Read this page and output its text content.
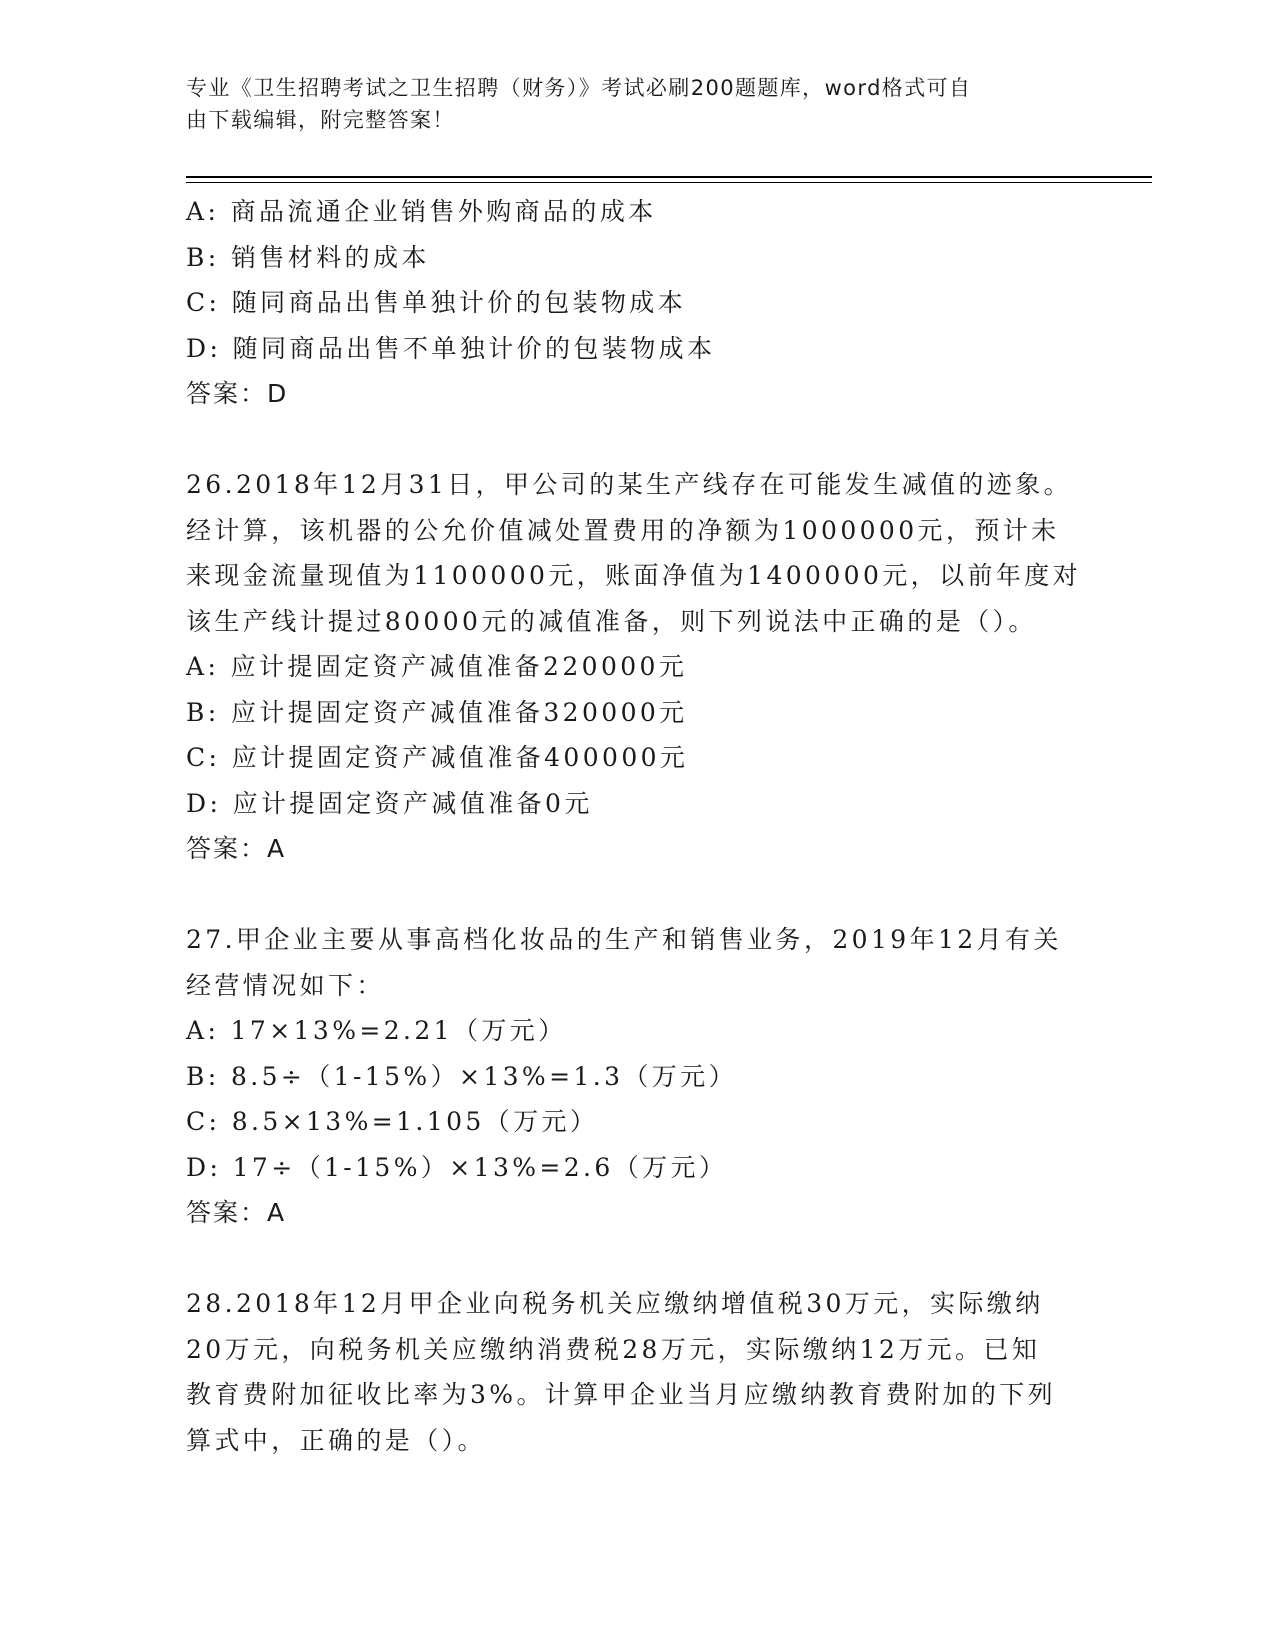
专业《卫生招聘考试之卫生招聘（财务）》考试必刷200题题库，word格式可自
由下载编辑，附完整答案！
A: 商品流通企业销售外购商品的成本
B: 销售材料的成本
C: 随同商品出售单独计价的包装物成本
D: 随同商品出售不单独计价的包装物成本
答案：D
26.2018年12月31日，甲公司的某生产线存在可能发生减值的迹象。
经计算，该机器的公允价值减处置费用的净额为1000000元，预计未
来现金流量现值为1100000元，账面净值为1400000元，以前年度对
该生产线计提过80000元的减值准备，则下列说法中正确的是（）。
A: 应计提固定资产减值准备220000元
B: 应计提固定资产减值准备320000元
C: 应计提固定资产减值准备400000元
D: 应计提固定资产减值准备0元
答案：A
27.甲企业主要从事高档化妆品的生产和销售业务，2019年12月有关
经营情况如下：
A: 17×13%=2.21（万元）
B: 8.5÷（1-15%）×13%=1.3（万元）
C: 8.5×13%=1.105（万元）
D: 17÷（1-15%）×13%=2.6（万元）
答案：A
28.2018年12月甲企业向税务机关应缴纳增值税30万元，实际缴纳
20万元，向税务机关应缴纳消费税28万元，实际缴纳12万元。已知
教育费附加征收比率为3%。计算甲企业当月应缴纳教育费附加的下列
算式中，正确的是（）。
